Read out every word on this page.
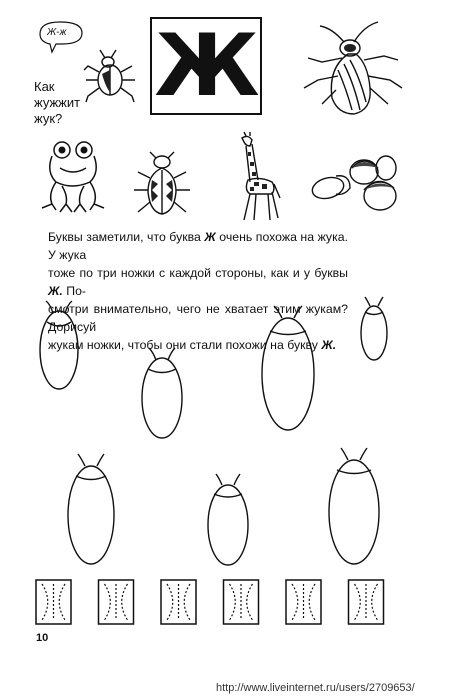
Ж-ж
Как
жужжит
жук?
Ж
Буквы заметили, что буква Ж очень похожа на жука. У жука
тоже по три ножки с каждой стороны, как и у буквы Ж. По-
смотри внимательно, чего не хватает этим жукам? Дорисуй
жукам ножки, чтобы они стали похожи на букву Ж.
10
http://www.liveinternet.ru/users/2709653/
